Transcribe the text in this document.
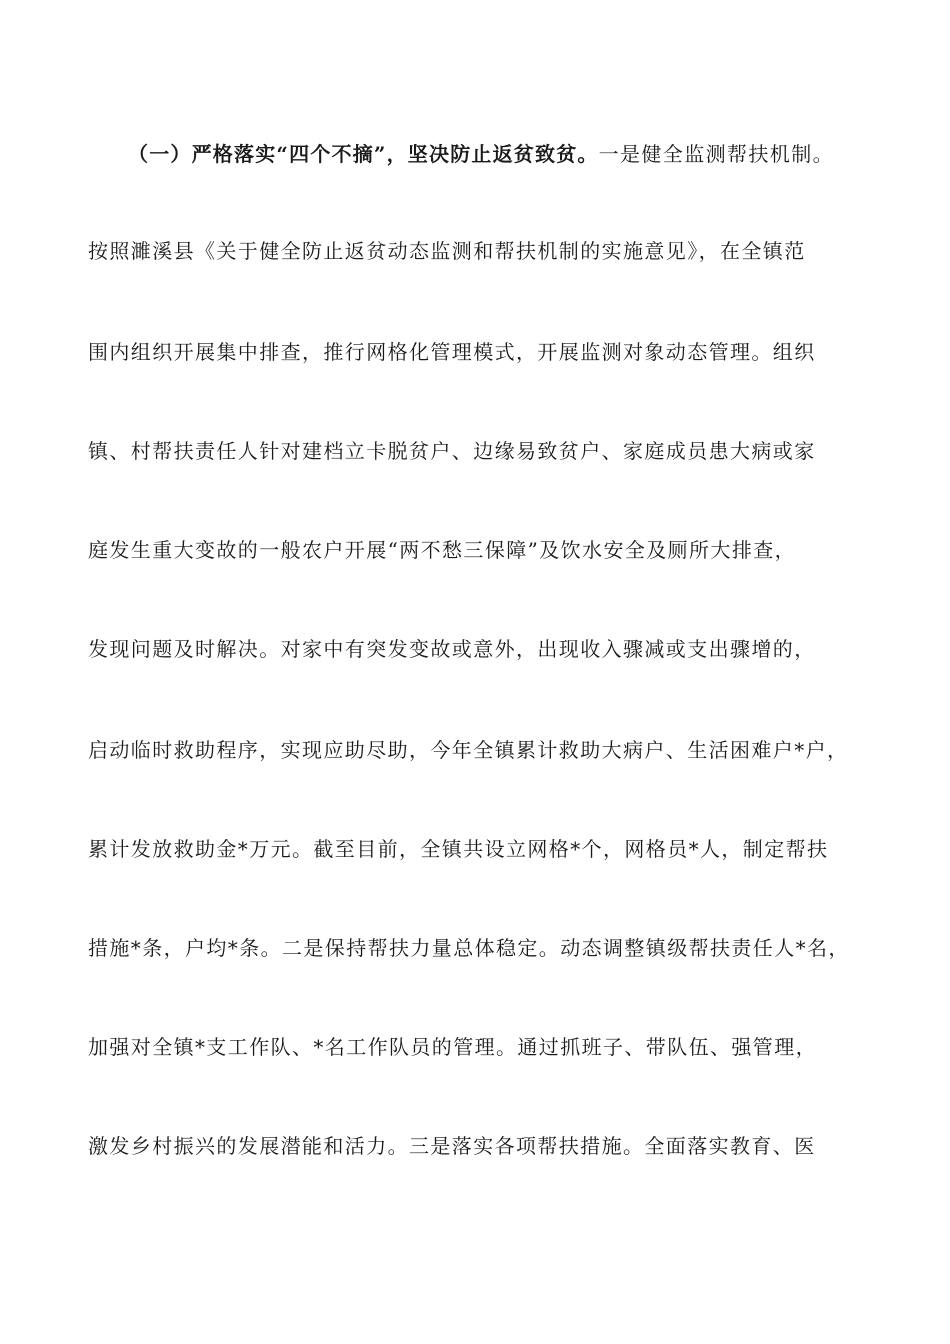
（一）严格落实“四个不摘”，坚决防止返贫致贫。一是健全监测帮扶机制。
按照濉溪县《关于健全防止返贫动态监测和帮扶机制的实施意见》，在全镇范
围内组织开展集中排查，推行网格化管理模式，开展监测对象动态管理。组织
镇、村帮扶责任人针对建档立卡脱贫户、边缘易致贫户、家庭成员患大病或家
庭发生重大变故的一般农户开展“两不愁三保障”及饮水安全及厕所大排查，
发现问题及时解决。对家中有突发变故或意外，出现收入骤减或支出骤增的，
启动临时救助程序，实现应助尽助，今年全镇累计救助大病户、生活困难户*户，
累计发放救助金*万元。截至目前，全镇共设立网格*个，网格员*人，制定帮扶
措施*条，户均*条。二是保持帮扶力量总体稳定。动态调整镇级帮扶责任人*名，
加强对全镇*支工作队、*名工作队员的管理。通过抓班子、带队伍、强管理，
激发乡村振兴的发展潜能和活力。三是落实各项帮扶措施。全面落实教育、医
